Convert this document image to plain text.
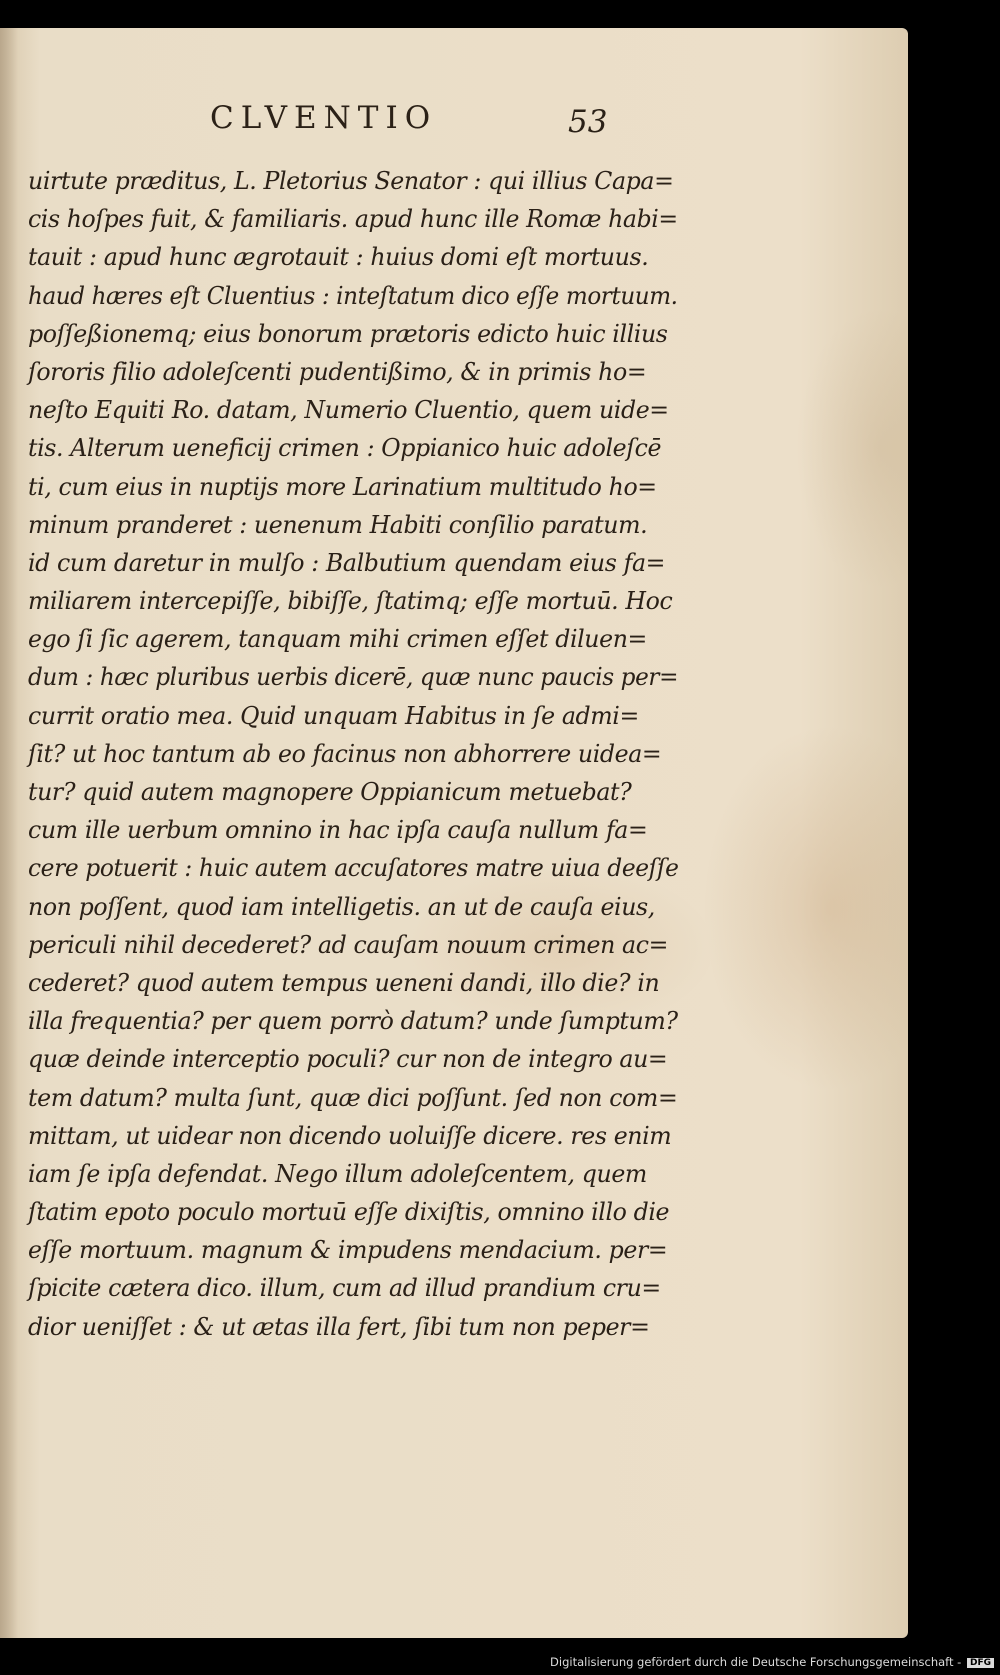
CLVENTIO	53
uirtute præditus, L. Pletorius Senator : qui illius Capa=
cis hoſpes fuit, & familiaris. apud hunc ille Romæ habi=
tauit : apud hunc ægrotauit : huius domi eſt mortuus.
haud hæres eſt Cluentius : inteſtatum dico eſſe mortuum.
poſſeßionemq; eius bonorum prætoris edicto huic illius
ſororis filio adoleſcenti pudentißimo, & in primis ho=
neſto Equiti Ro. datam, Numerio Cluentio, quem uide=
tis. Alterum ueneficij crimen : Oppianico huic adoleſcē
ti, cum eius in nuptijs more Larinatium multitudo ho=
minum pranderet : uenenum Habiti conſilio paratum.
id cum daretur in mulſo : Balbutium quendam eius fa=
miliarem intercepiſſe, bibiſſe, ſtatimq; eſſe mortuū. Hoc
ego ſi ſic agerem, tanquam mihi crimen eſſet diluen=
dum : hæc pluribus uerbis dicerē, quæ nunc paucis per=
currit oratio mea. Quid unquam Habitus in ſe admi=
ſit? ut hoc tantum ab eo facinus non abhorrere uidea=
tur? quid autem magnopere Oppianicum metuebat?
cum ille uerbum omnino in hac ipſa cauſa nullum fa=
cere potuerit : huic autem accuſatores matre uiua deeſſe
non poſſent, quod iam intelligetis. an ut de cauſa eius,
periculi nihil decederet? ad cauſam nouum crimen ac=
cederet? quod autem tempus ueneni dandi, illo die? in
illa frequentia? per quem porrò datum? unde ſumptum?
quæ deinde interceptio poculi? cur non de integro au=
tem datum? multa ſunt, quæ dici poſſunt. ſed non com=
mittam, ut uidear non dicendo uoluiſſe dicere. res enim
iam ſe ipſa defendat. Nego illum adoleſcentem, quem
ſtatim epoto poculo mortuū eſſe dixiſtis, omnino illo die
eſſe mortuum. magnum & impudens mendacium. per=
ſpicite cætera dico. illum, cum ad illud prandium cru=
dior ueniſſet : & ut ætas illa fert, ſibi tum non peper=
Digitalisierung gefördert durch die Deutsche Forschungsgemeinschaft - DFG
